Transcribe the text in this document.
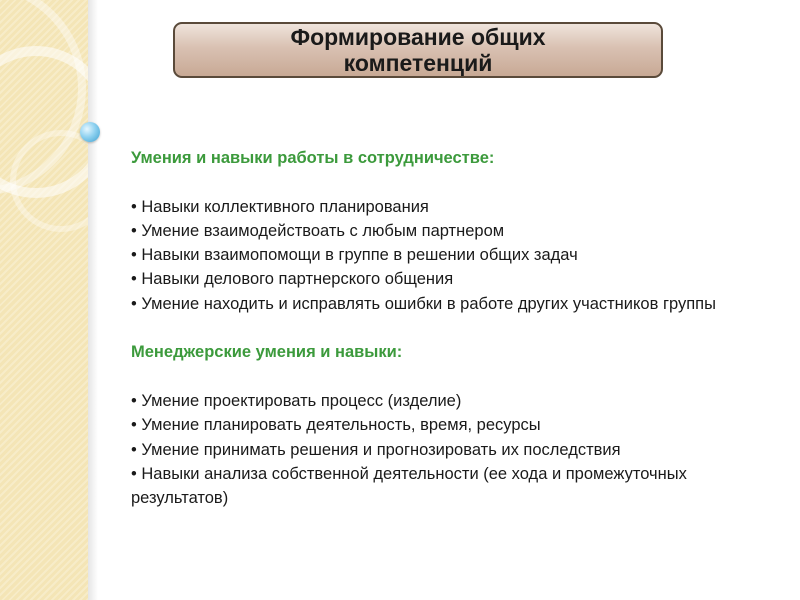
Формирование общих компетенций
Умения и навыки работы в сотрудничестве:
• Навыки коллективного планирования
• Умение взаимодействоать с любым партнером
• Навыки взаимопомощи в группе в решении общих задач
• Навыки делового партнерского общения
• Умение находить и исправлять ошибки в работе других участников группы
Менеджерские умения и навыки:
• Умение проектировать процесс (изделие)
• Умение планировать деятельность, время, ресурсы
• Умение принимать решения и прогнозировать их последствия
• Навыки анализа собственной деятельности (ее хода и промежуточных результатов)
